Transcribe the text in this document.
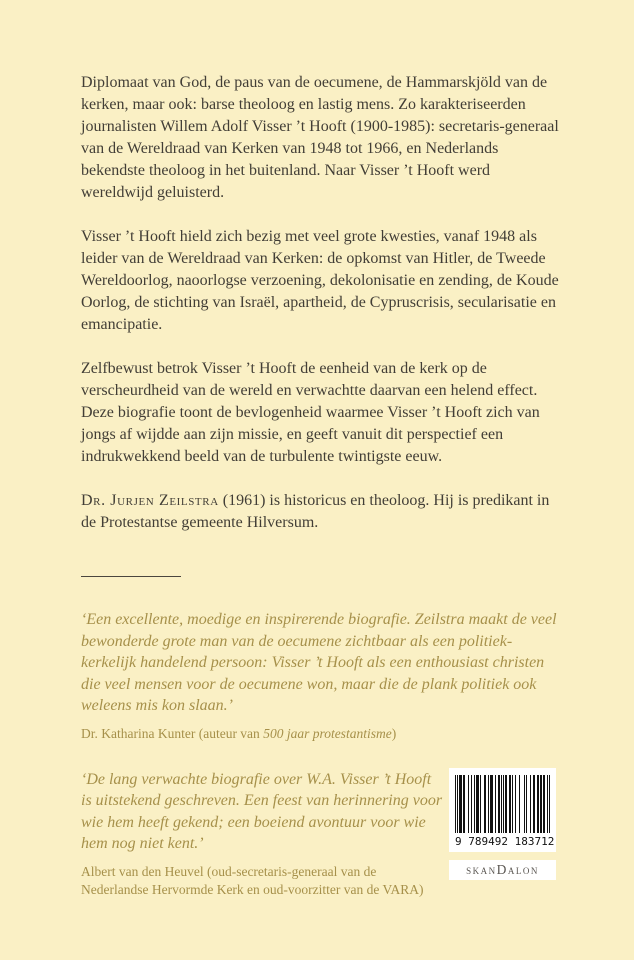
Diplomaat van God, de paus van de oecumene, de Hammarskjöld van de kerken, maar ook: barse theoloog en lastig mens. Zo karakteriseerden journalisten Willem Adolf Visser ’t Hooft (1900-1985): secretaris-generaal van de Wereldraad van Kerken van 1948 tot 1966, en Nederlands bekendste theoloog in het buitenland. Naar Visser ’t Hooft werd wereldwijd geluisterd.

Visser ’t Hooft hield zich bezig met veel grote kwesties, vanaf 1948 als leider van de Wereldraad van Kerken: de opkomst van Hitler, de Tweede Wereldoorlog, naoorlogse verzoening, dekolonisatie en zending, de Koude Oorlog, de stichting van Israël, apartheid, de Cypruscrisis, secularisatie en emancipatie.

Zelfbewust betrok Visser ’t Hooft de eenheid van de kerk op de verscheurdheid van de wereld en verwachtte daarvan een helend effect. Deze biografie toont de bevlogenheid waarmee Visser ’t Hooft zich van jongs af wijdde aan zijn missie, en geeft vanuit dit perspectief een indrukwekkend beeld van de turbulente twintigste eeuw.

Dr. Jurjen Zeilstra (1961) is historicus en theoloog. Hij is predikant in de Protestantse gemeente Hilversum.

‘Een excellente, moedige en inspirerende biografie. Zeilstra maakt de veel bewonderde grote man van de oecumene zichtbaar als een politiek-kerkelijk handelend persoon: Visser ’t Hooft als een enthousiast christen die veel mensen voor de oecumene won, maar die de plank politiek ook weleens mis kon slaan.’

Dr. Katharina Kunter (auteur van 500 jaar protestantisme)

‘De lang verwachte biografie over W.A. Visser ’t Hooft is uitstekend geschreven. Een feest van herinnering voor wie hem heeft gekend; een boeiend avontuur voor wie hem nog niet kent.’

Albert van den Heuvel (oud-secretaris-generaal van de Nederlandse Hervormde Kerk en oud-voorzitter van de VARA)

9 789492 183712
skanDalon
